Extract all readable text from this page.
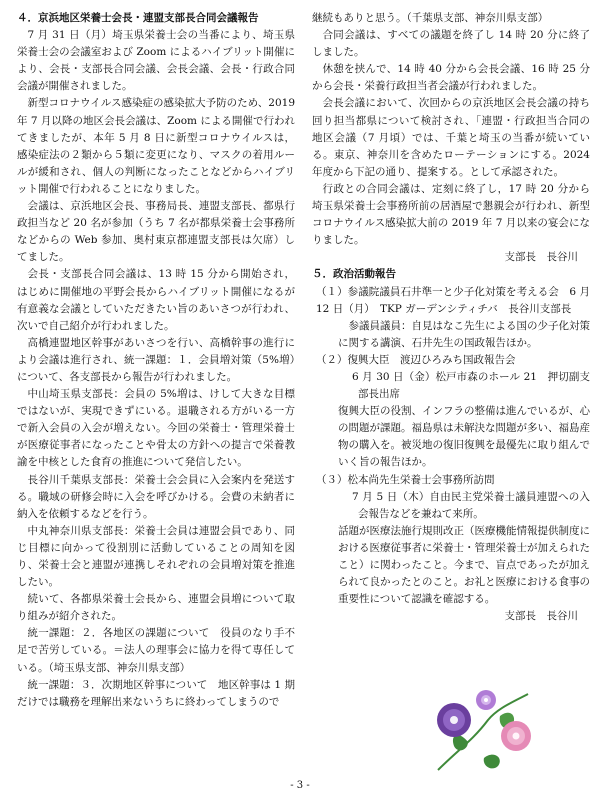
４．京浜地区栄養士会長・連盟支部長合同会議報告

7 月 31 日（月）埼玉県栄養士会の当番により、埼玉県栄養士会の会議室および Zoom によるハイブリット開催により、会長・支部長合同会議、会長会議、会長・行政合同会議が開催されました。

新型コロナウイルス感染症の感染拡大予防のため、2019 年 7 月以降の地区会長会議は、Zoom による開催で行われてきましたが、本年 5 月 8 日に新型コロナウイルスは，感染症法の２類から５類に変更になり、マスクの着用ルールが緩和され、個人の判断になったことなどからハイブリット開催で行われることになりました。

会議は、京浜地区会長、事務局長、連盟支部長、都県行政担当など 20 名が参加（うち 7 名が都県栄養士会事務所などからの Web 参加、奥村東京都連盟支部長は欠席）してました。

会長・支部長合同会議は、13 時 15 分から開始され，はじめに開催地の平野会長からハイブリット開催になるが有意義な会議としていただきたい旨のあいさつが行われ、次いで自己紹介が行われました。

高橋連盟地区幹事があいさつを行い、高橋幹事の進行により会議は進行され、統一課題：１．会員増対策（5%増）について、各支部長から報告が行われました。

中山埼玉県支部長：会員の 5%増は、けして大きな目標ではないが、実現できずにいる。退職される方がいる一方で新入会員の入会が増えない。今回の栄養士・管理栄養士が医療従事者になったことや骨太の方針への提言で栄養教諭を中核とした食育の推進について発信したい。

長谷川千葉県支部長：栄養士会会員に入会案内を発送する。職域の研修会時に入会を呼びかける。会費の未納者に納入を依頼するなどを行う。

中丸神奈川県支部長：栄養士会員は連盟会員であり、同じ目標に向かって役割別に活動していることの周知を図り、栄養士会と連盟が連携しそれぞれの会員増対策を推進したい。

続いて、各都県栄養士会長から、連盟会員増について取り組みが紹介された。

統一課題：２．各地区の課題について　役員のなり手不足で苦労している。＝法人の理事会に協力を得て専任している。（埼玉県支部、神奈川県支部）

統一課題：３．次期地区幹事について　地区幹事は 1 期だけでは職務を理解出来ないうちに終わってしまうので

継続もありと思う。（千葉県支部、神奈川県支部）

合同会議は、すべての議題を終了し 14 時 20 分に終了しました。

休憩を挟んで、14 時 40 分から会長会議、16 時 25 分から会長・栄養行政担当者会議が行われました。

会長会議において、次回からの京浜地区会長会議の持ち回り担当都県について検討され、｢連盟・行政担当合同の地区会議（7 月頃）では、千葉と埼玉の当番が続いている。東京、神奈川を含めたローテーションにする。2024 年度から下記の通り、提案する。として承認された。

行政との合同会議は、定刻に終了し，17 時 20 分から埼玉県栄養士会事務所前の居酒屋で懇親会が行われ、新型コロナウイルス感染拡大前の 2019 年 7 月以来の宴会になりました。

支部長　長谷川

５．政治活動報告

（１）参議院議員石井準一と少子化対策を考える会　6 月 12 日（月）　TKP ガーデンシティチバ　長谷川支部長

参議員議員：自見はなこ先生による国の少子化対策に関する講演、石井先生の国政報告ほか。

（２）復興大臣　渡辺ひろみち国政報告会

6 月 30 日（金）松戸市森のホール 21　押切副支部長出席

復興大臣の役割、インフラの整備は進んでいるが、心の問題が課題。福島県は未解決な問題が多い、福島産物の購入を。被災地の復旧復興を最優先に取り組んでいく旨の報告ほか。

（３）松本尚先生栄養士会事務所訪問

7 月 5 日（木）自由民主党栄養士議員連盟への入会報告などを兼ねて来所。

話題が医療法施行規則改正（医療機能情報提供制度における医療従事者に栄養士・管理栄養士が加えられたこと）に関わったこと。今まで、盲点であったが加えられて良かったとのこと。お礼と医療における食事の重要性について認識を確認する。

支部長　長谷川

- 3 -
